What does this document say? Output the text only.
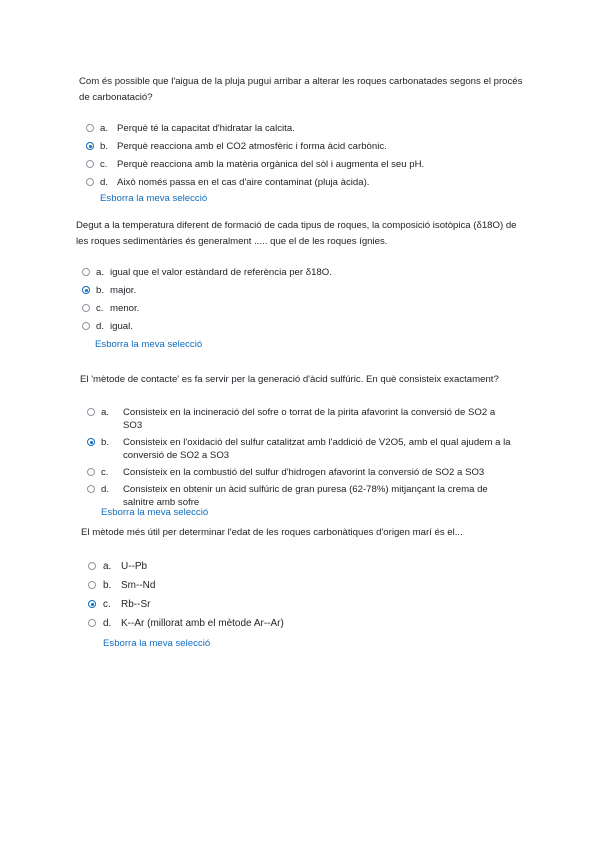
Com és possible que l'aigua de la pluja pugui arribar a alterar les roques carbonatades segons el procés de carbonatació?

a. Perquè té la capacitat d'hidratar la calcita.
b. Perquè reacciona amb el CO2 atmosfèric i forma àcid carbònic.
c. Perquè reacciona amb la matèria orgànica del sòl i augmenta el seu pH.
d. Això només passa en el cas d'aire contaminat (pluja àcida).
Esborra la meva selecció

Degut a la temperatura diferent de formació de cada tipus de roques, la composició isotòpica (δ18O) de les roques sedimentàries és generalment ..... que el de les roques ígnies.

a. igual que el valor estàndard de referència per δ18O.
b. major.
c. menor.
d. igual.
Esborra la meva selecció

El 'mètode de contacte' es fa servir per la generació d'àcid sulfúric. En què consisteix exactament?

a.	Consisteix en la incineració del sofre o torrat de la pirita afavorint la conversió de SO2 a SO3
b.	Consisteix en l'oxidació del sulfur catalitzat amb l'addició de V2O5, amb el qual ajudem a la conversió de SO2 a SO3
c.	Consisteix en la combustió del sulfur d'hidrogen afavorint la conversió de SO2 a SO3
d.	Consisteix en obtenir un àcid sulfúric de gran puresa (62-78%) mitjançant la crema de salnitre amb sofre
Esborra la meva selecció

El mètode més útil per determinar l'edat de les roques carbonàtiques d'origen marí és el...

a. U--Pb
b. Sm--Nd
c.	Rb--Sr
d. K--Ar (millorat amb el mètode Ar--Ar)
Esborra la meva selecció
